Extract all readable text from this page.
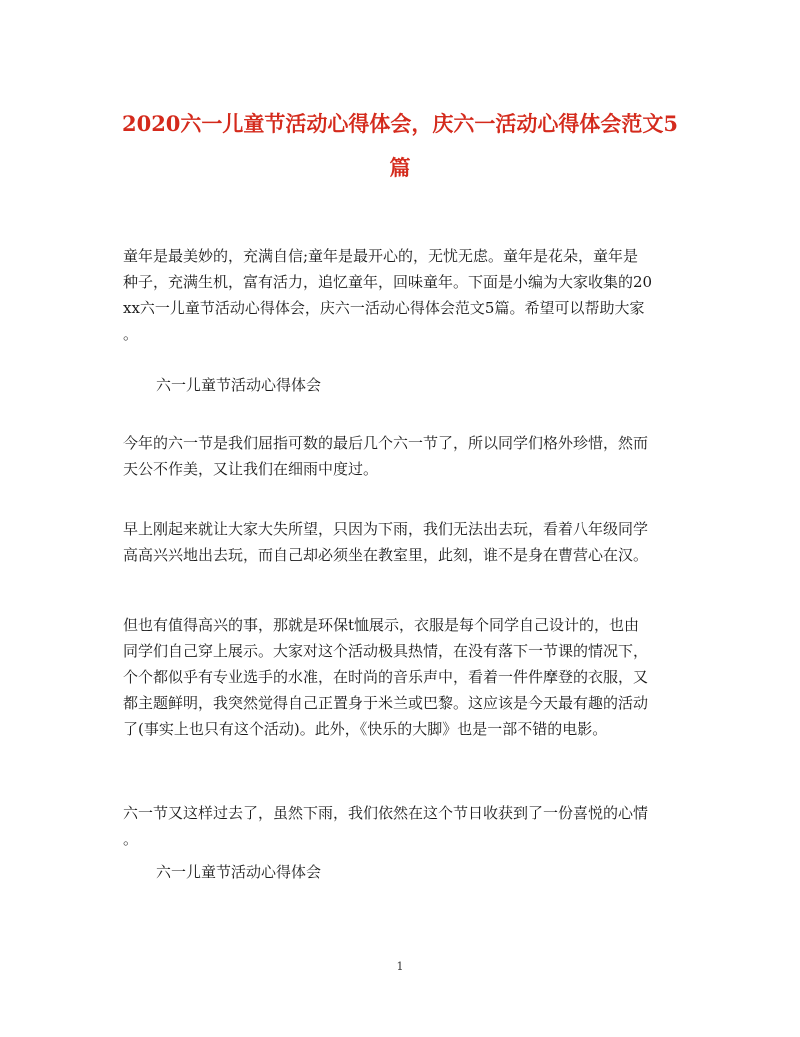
2020六一儿童节活动心得体会，庆六一活动心得体会范文5
篇

童年是最美妙的，充满自信;童年是最开心的，无忧无虑。童年是花朵，童年是
种子，充满生机，富有活力，追忆童年，回味童年。下面是小编为大家收集的20
xx六一儿童节活动心得体会，庆六一活动心得体会范文5篇。希望可以帮助大家
。

六一儿童节活动心得体会

今年的六一节是我们屈指可数的最后几个六一节了，所以同学们格外珍惜，然而
天公不作美，又让我们在细雨中度过。

早上刚起来就让大家大失所望，只因为下雨，我们无法出去玩，看着八年级同学
高高兴兴地出去玩，而自己却必须坐在教室里，此刻，谁不是身在曹营心在汉。

但也有值得高兴的事，那就是环保t恤展示，衣服是每个同学自己设计的，也由
同学们自己穿上展示。大家对这个活动极具热情，在没有落下一节课的情况下，
个个都似乎有专业选手的水准，在时尚的音乐声中，看着一件件摩登的衣服，又
都主题鲜明，我突然觉得自己正置身于米兰或巴黎。这应该是今天最有趣的活动
了(事实上也只有这个活动)。此外，《快乐的大脚》也是一部不错的电影。

六一节又这样过去了，虽然下雨，我们依然在这个节日收获到了一份喜悦的心情
。

六一儿童节活动心得体会
1
